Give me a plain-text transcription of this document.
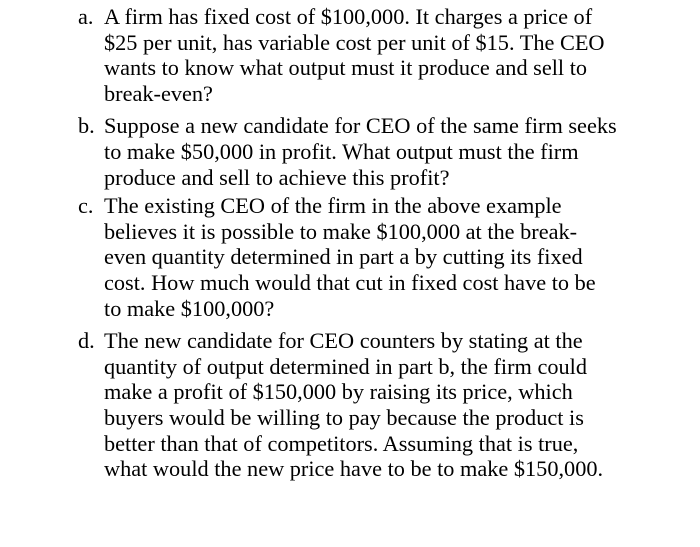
a. A firm has fixed cost of $100,000. It charges a price of
$25 per unit, has variable cost per unit of $15. The CEO
wants to know what output must it produce and sell to
break-even?
b. Suppose a new candidate for CEO of the same firm seeks
to make $50,000 in profit. What output must the firm
produce and sell to achieve this profit?
c. The existing CEO of the firm in the above example
believes it is possible to make $100,000 at the break-
even quantity determined in part a by cutting its fixed
cost. How much would that cut in fixed cost have to be
to make $100,000?
d. The new candidate for CEO counters by stating at the
quantity of output determined in part b, the firm could
make a profit of $150,000 by raising its price, which
buyers would be willing to pay because the product is
better than that of competitors. Assuming that is true,
what would the new price have to be to make $150,000.
